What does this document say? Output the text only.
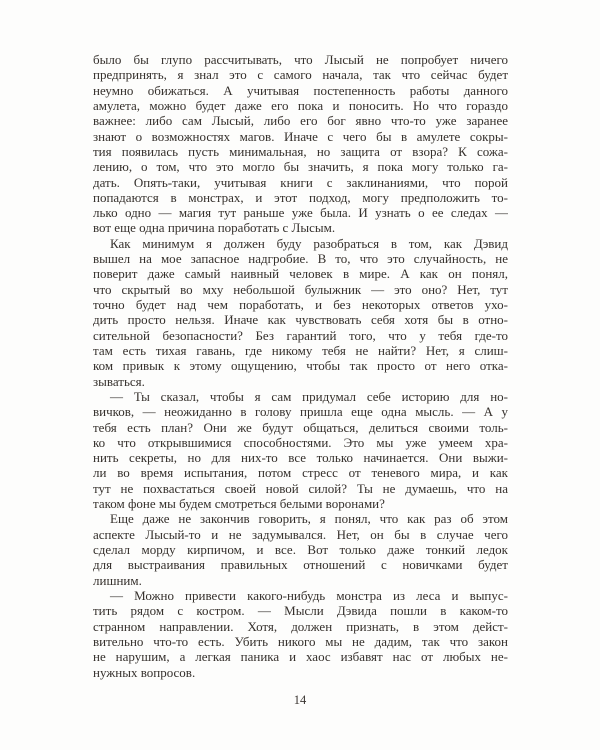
было бы глупо рассчитывать, что Лысый не попробует ничего
предпринять, я знал это с самого начала, так что сейчас будет
неумно обижаться. А учитывая постепенность работы данного
амулета, можно будет даже его пока и поносить. Но что гораздо
важнее: либо сам Лысый, либо его бог явно что-то уже заранее
знают о возможностях магов. Иначе с чего бы в амулете сокры-
тия появилась пусть минимальная, но защита от взора? К сожа-
лению, о том, что это могло бы значить, я пока могу только га-
дать. Опять-таки, учитывая книги с заклинаниями, что порой
попадаются в монстрах, и этот подход, могу предположить то-
лько одно — магия тут раньше уже была. И узнать о ее следах —
вот еще одна причина поработать с Лысым.

Как минимум я должен буду разобраться в том, как Дэвид
вышел на мое запасное надгробие. В то, что это случайность, не
поверит даже самый наивный человек в мире. А как он понял,
что скрытый во мху небольшой булыжник — это оно? Нет, тут
точно будет над чем поработать, и без некоторых ответов ухо-
дить просто нельзя. Иначе как чувствовать себя хотя бы в отно-
сительной безопасности? Без гарантий того, что у тебя где-то
там есть тихая гавань, где никому тебя не найти? Нет, я слиш-
ком привык к этому ощущению, чтобы так просто от него отка-
зываться.

— Ты сказал, чтобы я сам придумал себе историю для но-
вичков, — неожиданно в голову пришла еще одна мысль. — А у
тебя есть план? Они же будут общаться, делиться своими толь-
ко что открывшимися способностями. Это мы уже умеем хра-
нить секреты, но для них-то все только начинается. Они выжи-
ли во время испытания, потом стресс от теневого мира, и как
тут не похвастаться своей новой силой? Ты не думаешь, что на
таком фоне мы будем смотреться белыми воронами?

Еще даже не закончив говорить, я понял, что как раз об этом
аспекте Лысый-то и не задумывался. Нет, он бы в случае чего
сделал морду кирпичом, и все. Вот только даже тонкий ледок
для выстраивания правильных отношений с новичками будет
лишним.

— Можно привести какого-нибудь монстра из леса и выпус-
тить рядом с костром. — Мысли Дэвида пошли в каком-то
странном направлении. Хотя, должен признать, в этом дейст-
вительно что-то есть. Убить никого мы не дадим, так что закон
не нарушим, а легкая паника и хаос избавят нас от любых не-
нужных вопросов.

14
